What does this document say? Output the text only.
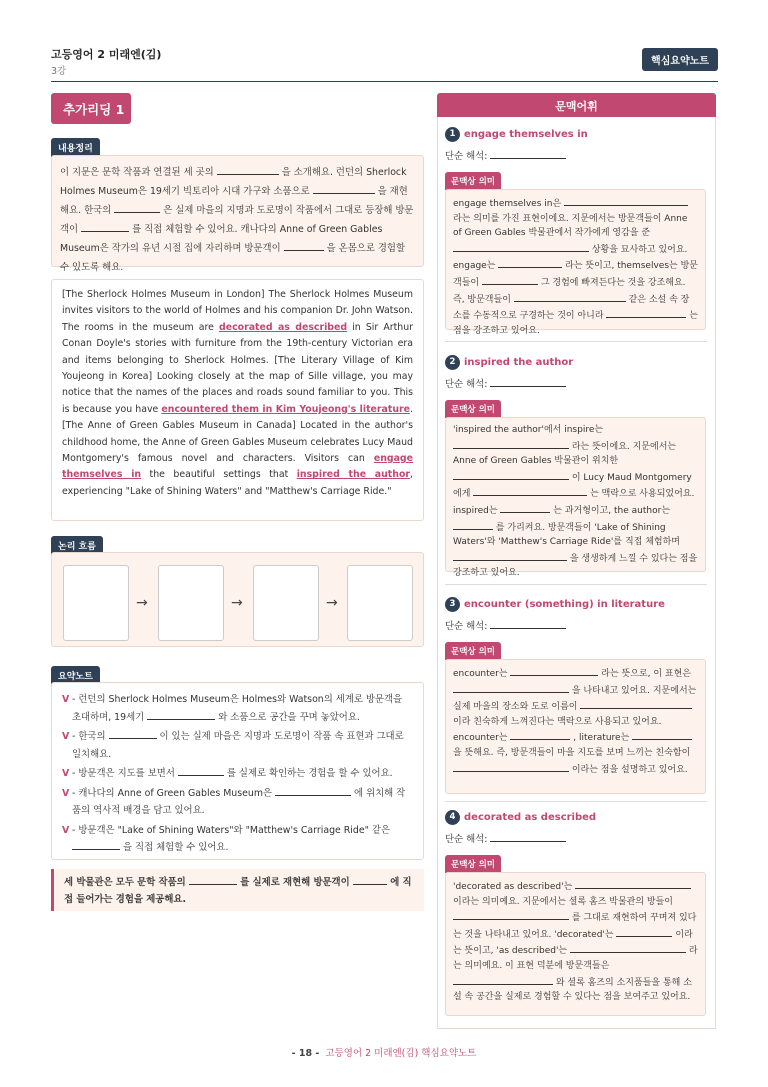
고등영어 2 미래엔(김)
3강
핵심요약노트
추가리딩 1
내용정리
이 지문은 문학 작품과 연결된 세 곳의	을 소개해요. 런던의 Sherlock Holmes Museum은 19세기 빅토리아 시대 가구와 소품으로	을 재현해요. 한국의	은 실제 마을의 지명과 도로명이 작품에서 그대로 등장해 방문객이	를 직접 체험할 수 있어요. 캐나다의 Anne of Green Gables Museum은 작가의 유년 시절 집에 자리하며 방문객이	을 온몸으로 경험할 수 있도록 해요.
[The Sherlock Holmes Museum in London] The Sherlock Holmes Museum invites visitors to the world of Holmes and his companion Dr. John Watson. The rooms in the museum are decorated as described in Sir Arthur Conan Doyle's stories with furniture from the 19th-century Victorian era and items belonging to Sherlock Holmes. [The Literary Village of Kim Youjeong in Korea] Looking closely at the map of Sille village, you may notice that the names of the places and roads sound familiar to you. This is because you have encountered them in Kim Youjeong's literature. [The Anne of Green Gables Museum in Canada] Located in the author's childhood home, the Anne of Green Gables Museum celebrates Lucy Maud Montgomery's famous novel and characters. Visitors can engage themselves in the beautiful settings that inspired the author, experiencing "Lake of Shining Waters" and "Matthew's Carriage Ride."
논리 흐름
→	→	→
요약노트
V - 런던의 Sherlock Holmes Museum은 Holmes와 Watson의 세계로 방문객을 초대하며, 19세기	와 소품으로 공간을 꾸며 놓았어요.
V - 한국의	이 있는 실제 마을은 지명과 도로명이 작품 속 표현과 그대로 일치해요.
V - 방문객은 지도를 보면서	를 실제로 확인하는 경험을 할 수 있어요.
V - 캐나다의 Anne of Green Gables Museum은	에 위치해 작품의 역사적 배경을 담고 있어요.
V - 방문객은 "Lake of Shining Waters"와 "Matthew's Carriage Ride" 같은  을 직접 체험할 수 있어요.
세 박물관은 모두 문학 작품의	를 실제로 재현해 방문객이	에 직접 들어가는 경험을 제공해요.
문맥어휘
1 engage themselves in
단순 해석:
문맥상 의미
engage themselves in은  라는 의미를 가진 표현이에요. 지문에서는 방문객들이 Anne of Green Gables 박물관에서 작가에게 영감을 준  상황을 묘사하고 있어요. engage는	라는 뜻이고, themselves는 방문객들이	그 경험에 빠져든다는 것을 강조해요. 즉, 방문객들이	같은 소설 속 장소를 수동적으로 구경하는 것이 아니라	는 점을 강조하고 있어요.
2 inspired the author
단순 해석:
문맥상 의미
'inspired the author'에서 inspire는  라는 뜻이에요. 지문에서는 Anne of Green Gables 박물관이 위치한  이 Lucy Maud Montgomery에게	는 맥락으로 사용되었어요. inspired는	는 과거형이고, the author는  를 가리켜요. 방문객들이 'Lake of Shining Waters'와 'Matthew's Carriage Ride'를 직접 체험하며  을 생생하게 느낄 수 있다는 점을 강조하고 있어요.
3 encounter (something) in literature
단순 해석:
문맥상 의미
encounter는	라는 뜻으로, 이 표현은  을 나타내고 있어요. 지문에서는 실제 마을의 장소와 도로 이름이  이라 친숙하게 느껴진다는 맥락으로 사용되고 있어요. encounter는	, literature는  을 뜻해요. 즉, 방문객들이 마을 지도를 보며 느끼는 친숙함이  이라는 점을 설명하고 있어요.
4 decorated as described
단순 해석:
문맥상 의미
'decorated as described'는  이라는 의미예요. 지문에서는 셜록 홈즈 박물관의 방들이  를 그대로 재현하여 꾸며져 있다는 것을 나타내고 있어요. 'decorated'는	이라는 뜻이고, 'as described'는	라는 의미예요. 이 표현 덕분에 방문객들은  와 셜록 홈즈의 소지품들을 통해 소설 속 공간을 실제로 경험할 수 있다는 점을 보여주고 있어요.
- 18 - 고등영어 2 미래엔(김) 핵심요약노트
